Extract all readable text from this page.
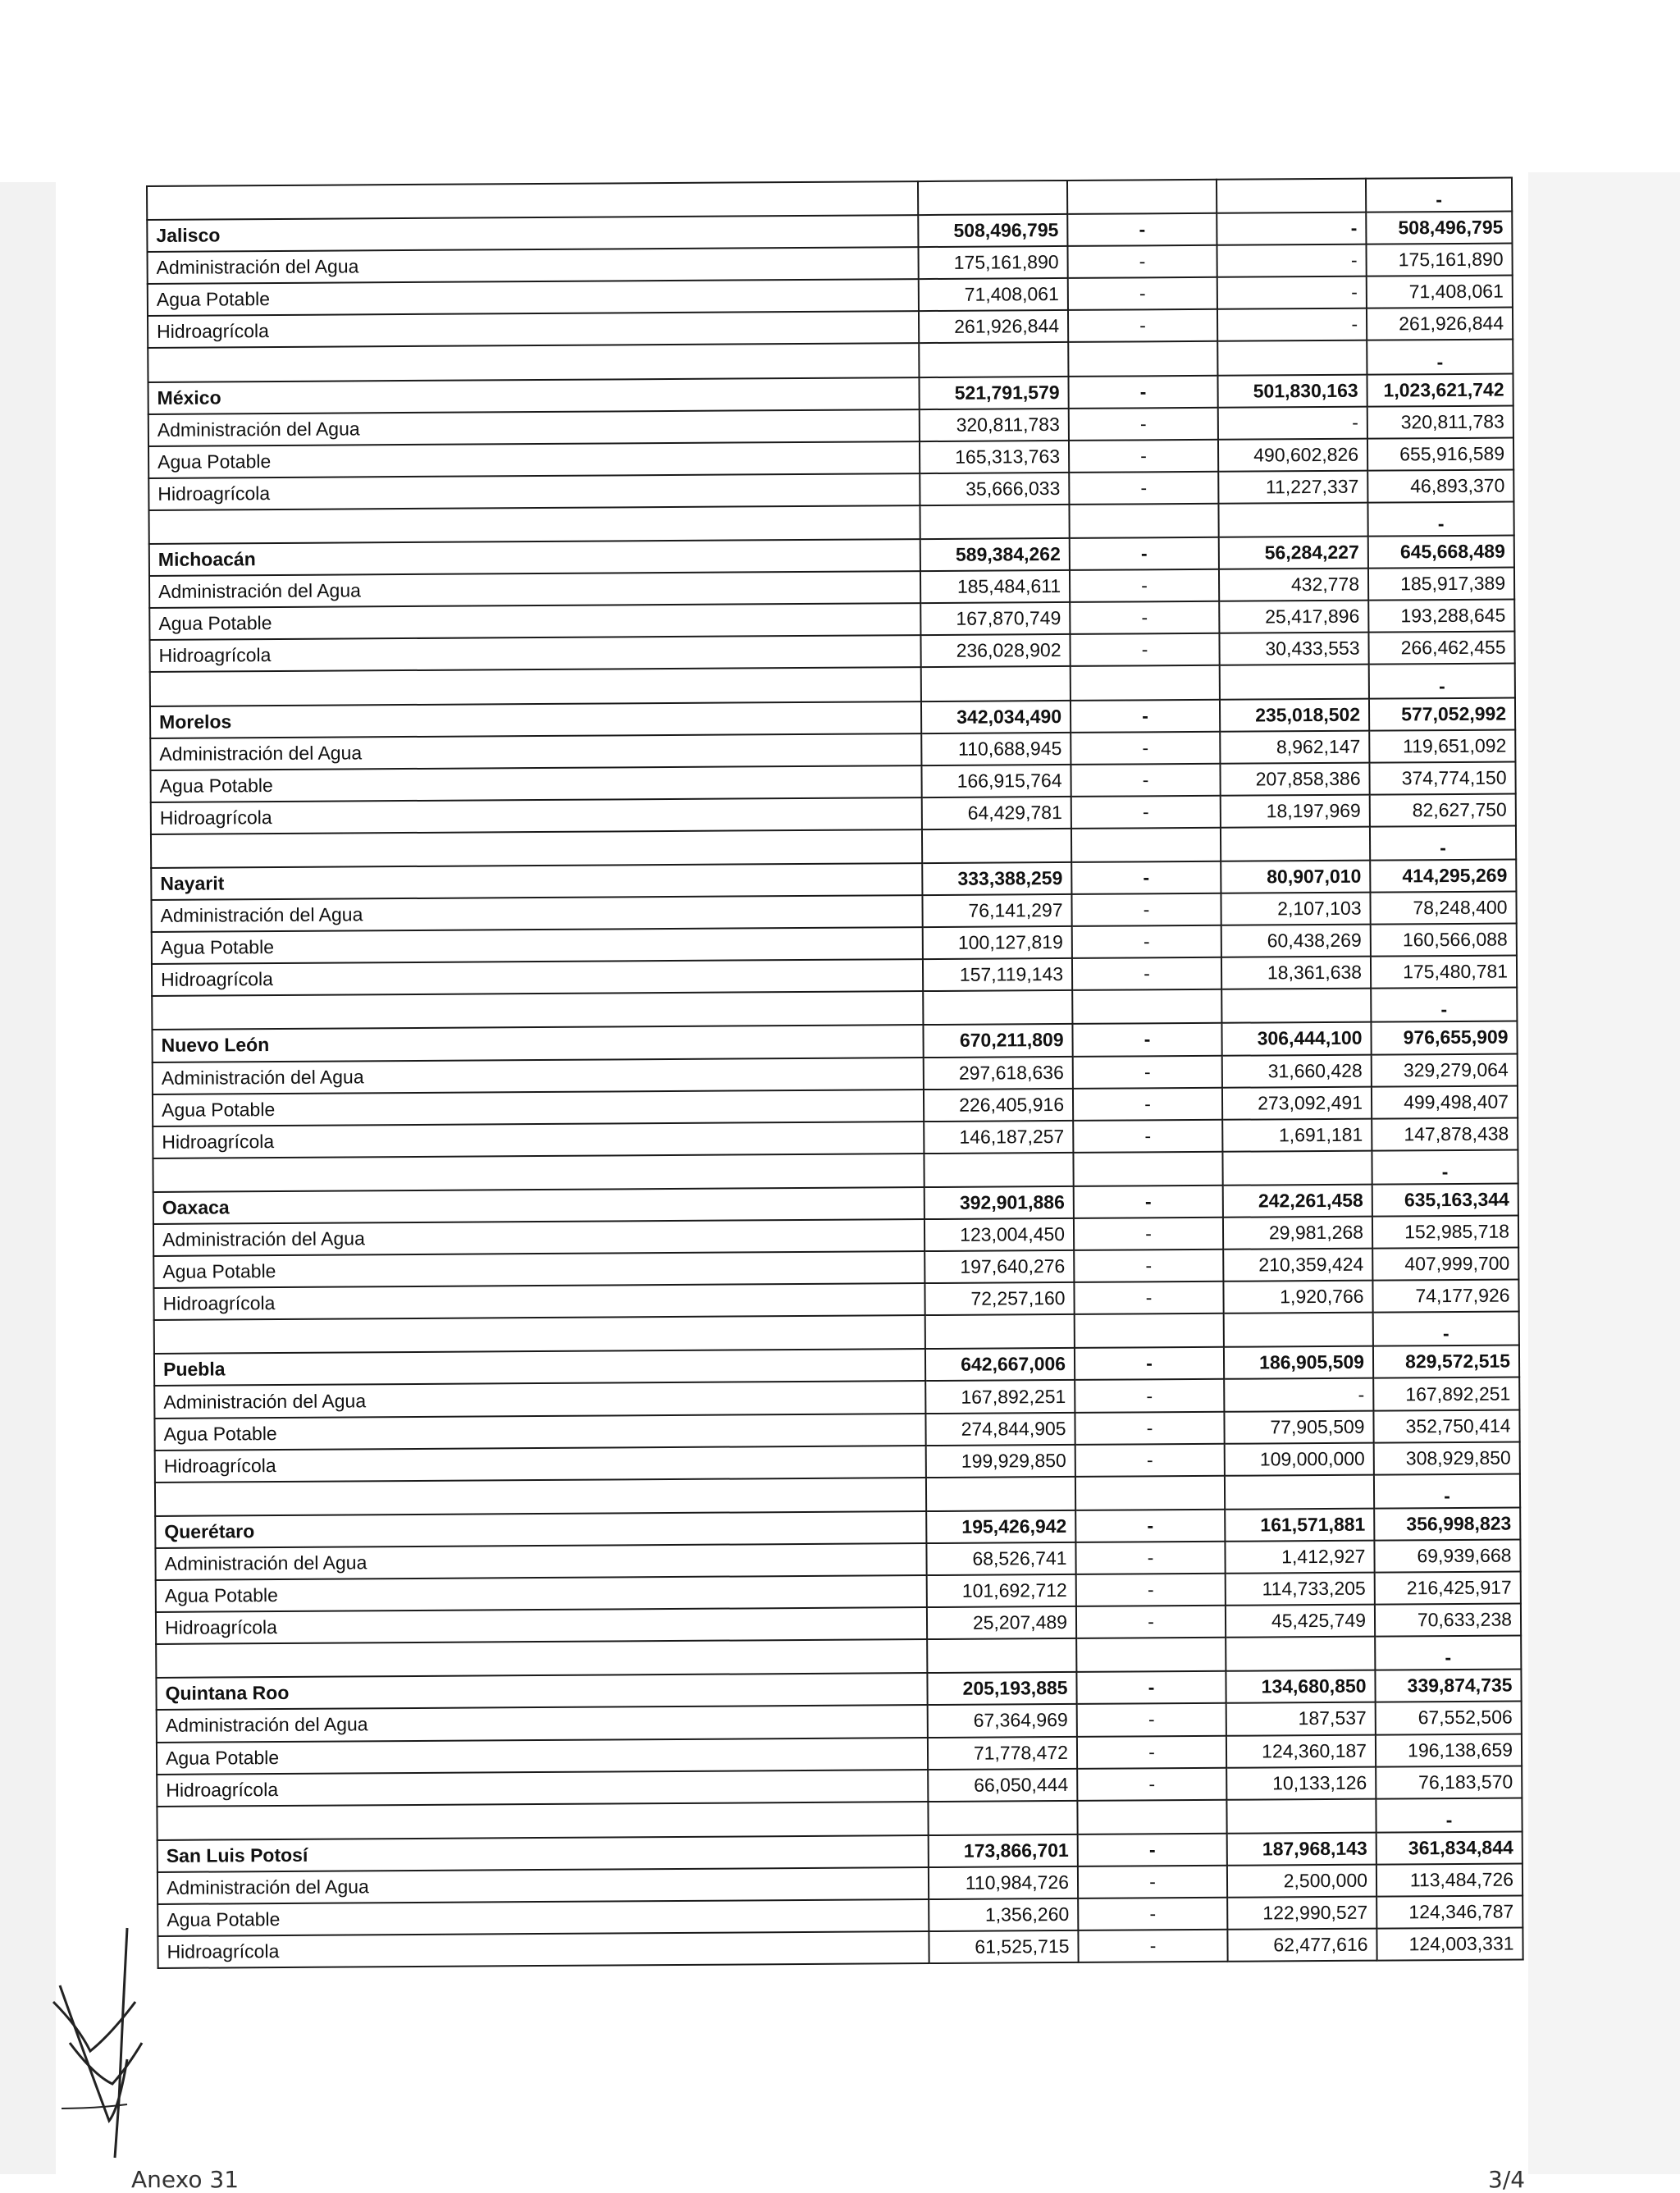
				-
Jalisco	508,496,795	-	-	508,496,795
Administración del Agua	175,161,890	-	-	175,161,890
Agua Potable	71,408,061	-	-	71,408,061
Hidroagrícola	261,926,844	-	-	261,926,844
				-
México	521,791,579	-	501,830,163	1,023,621,742
Administración del Agua	320,811,783	-	-	320,811,783
Agua Potable	165,313,763	-	490,602,826	655,916,589
Hidroagrícola	35,666,033	-	11,227,337	46,893,370
				-
Michoacán	589,384,262	-	56,284,227	645,668,489
Administración del Agua	185,484,611	-	432,778	185,917,389
Agua Potable	167,870,749	-	25,417,896	193,288,645
Hidroagrícola	236,028,902	-	30,433,553	266,462,455
				-
Morelos	342,034,490	-	235,018,502	577,052,992
Administración del Agua	110,688,945	-	8,962,147	119,651,092
Agua Potable	166,915,764	-	207,858,386	374,774,150
Hidroagrícola	64,429,781	-	18,197,969	82,627,750
				-
Nayarit	333,388,259	-	80,907,010	414,295,269
Administración del Agua	76,141,297	-	2,107,103	78,248,400
Agua Potable	100,127,819	-	60,438,269	160,566,088
Hidroagrícola	157,119,143	-	18,361,638	175,480,781
				-
Nuevo León	670,211,809	-	306,444,100	976,655,909
Administración del Agua	297,618,636	-	31,660,428	329,279,064
Agua Potable	226,405,916	-	273,092,491	499,498,407
Hidroagrícola	146,187,257	-	1,691,181	147,878,438
				-
Oaxaca	392,901,886	-	242,261,458	635,163,344
Administración del Agua	123,004,450	-	29,981,268	152,985,718
Agua Potable	197,640,276	-	210,359,424	407,999,700
Hidroagrícola	72,257,160	-	1,920,766	74,177,926
				-
Puebla	642,667,006	-	186,905,509	829,572,515
Administración del Agua	167,892,251	-	-	167,892,251
Agua Potable	274,844,905	-	77,905,509	352,750,414
Hidroagrícola	199,929,850	-	109,000,000	308,929,850
				-
Querétaro	195,426,942	-	161,571,881	356,998,823
Administración del Agua	68,526,741	-	1,412,927	69,939,668
Agua Potable	101,692,712	-	114,733,205	216,425,917
Hidroagrícola	25,207,489	-	45,425,749	70,633,238
				-
Quintana Roo	205,193,885	-	134,680,850	339,874,735
Administración del Agua	67,364,969	-	187,537	67,552,506
Agua Potable	71,778,472	-	124,360,187	196,138,659
Hidroagrícola	66,050,444	-	10,133,126	76,183,570
				-
San Luis Potosí	173,866,701	-	187,968,143	361,834,844
Administración del Agua	110,984,726	-	2,500,000	113,484,726
Agua Potable	1,356,260	-	122,990,527	124,346,787
Hidroagrícola	61,525,715	-	62,477,616	124,003,331
Anexo 31	3/4
